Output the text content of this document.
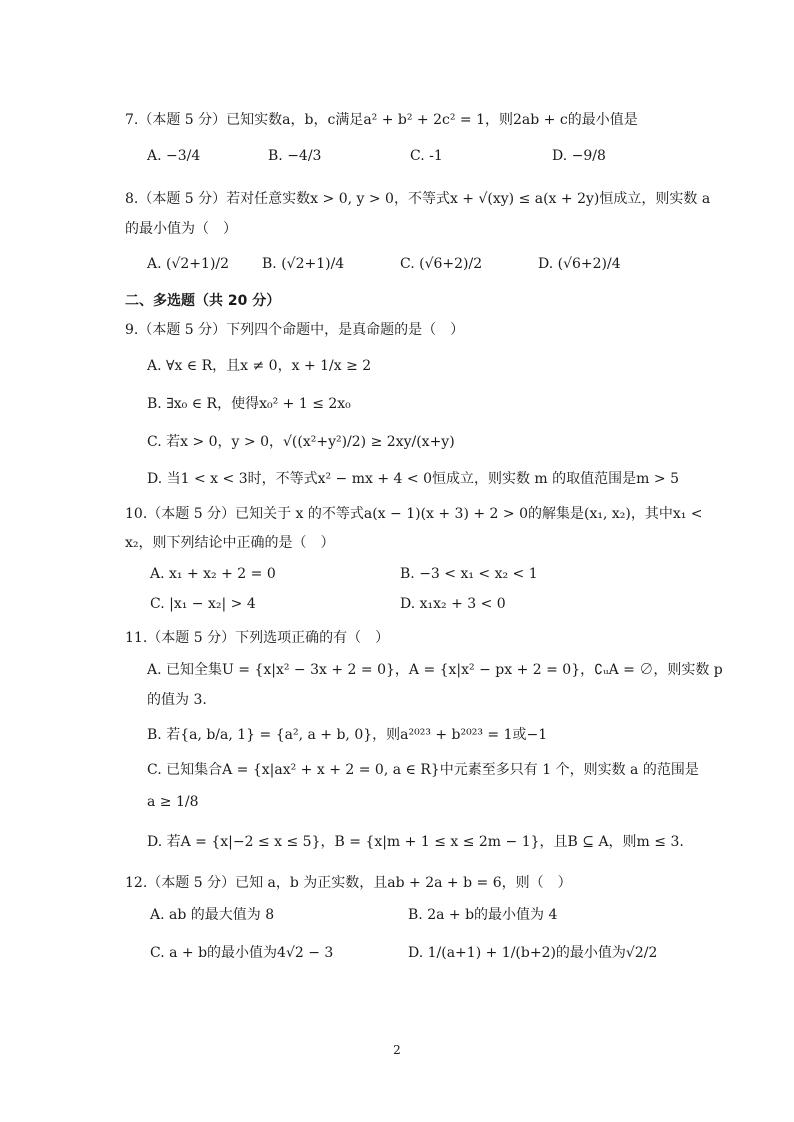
7.（本题 5 分）已知实数a，b，c满足a² + b² + 2c² = 1，则2ab + c的最小值是
A. −3/4	B. −4/3	C. -1	D. −9/8
8.（本题 5 分）若对任意实数x > 0, y > 0，不等式x + √(xy) ≤ a(x + 2y)恒成立，则实数 a
的最小值为（　）
A. (√2+1)/2 B. (√2+1)/4	C. (√6+2)/2	D. (√6+2)/4
二、多选题（共 20 分）
9.（本题 5 分）下列四个命题中，是真命题的是（　）
A. ∀x ∈ R，且x ≠ 0，x + 1/x ≥ 2
B. ∃x₀ ∈ R，使得x₀² + 1 ≤ 2x₀
C. 若x > 0，y > 0，√((x²+y²)/2) ≥ 2xy/(x+y)
D. 当1 < x < 3时，不等式x² − mx + 4 < 0恒成立，则实数 m 的取值范围是m > 5
10.（本题 5 分）已知关于 x 的不等式a(x − 1)(x + 3) + 2 > 0的解集是(x₁, x₂)，其中x₁ <
x₂，则下列结论中正确的是（　）
A. x₁ + x₂ + 2 = 0	B. −3 < x₁ < x₂ < 1
C. |x₁ − x₂| > 4	D. x₁x₂ + 3 < 0
11.（本题 5 分）下列选项正确的有（　）
A. 已知全集U = {x|x² − 3x + 2 = 0}，A = {x|x² − px + 2 = 0}，∁ᵤA = ∅，则实数 p
的值为 3.
B. 若{a, b/a, 1} = {a², a + b, 0}，则a²⁰²³ + b²⁰²³ = 1或−1
C. 已知集合A = {x|ax² + x + 2 = 0, a ∈ R}中元素至多只有 1 个，则实数 a 的范围是
a ≥ 1/8
D. 若A = {x|−2 ≤ x ≤ 5}，B = {x|m + 1 ≤ x ≤ 2m − 1}，且B ⊆ A，则m ≤ 3.
12.（本题 5 分）已知 a，b 为正实数，且ab + 2a + b = 6，则（　）
A. ab 的最大值为 8	B. 2a + b的最小值为 4
C. a + b的最小值为4√2 − 3	D. 1/(a+1) + 1/(b+2)的最小值为√2/2
2
